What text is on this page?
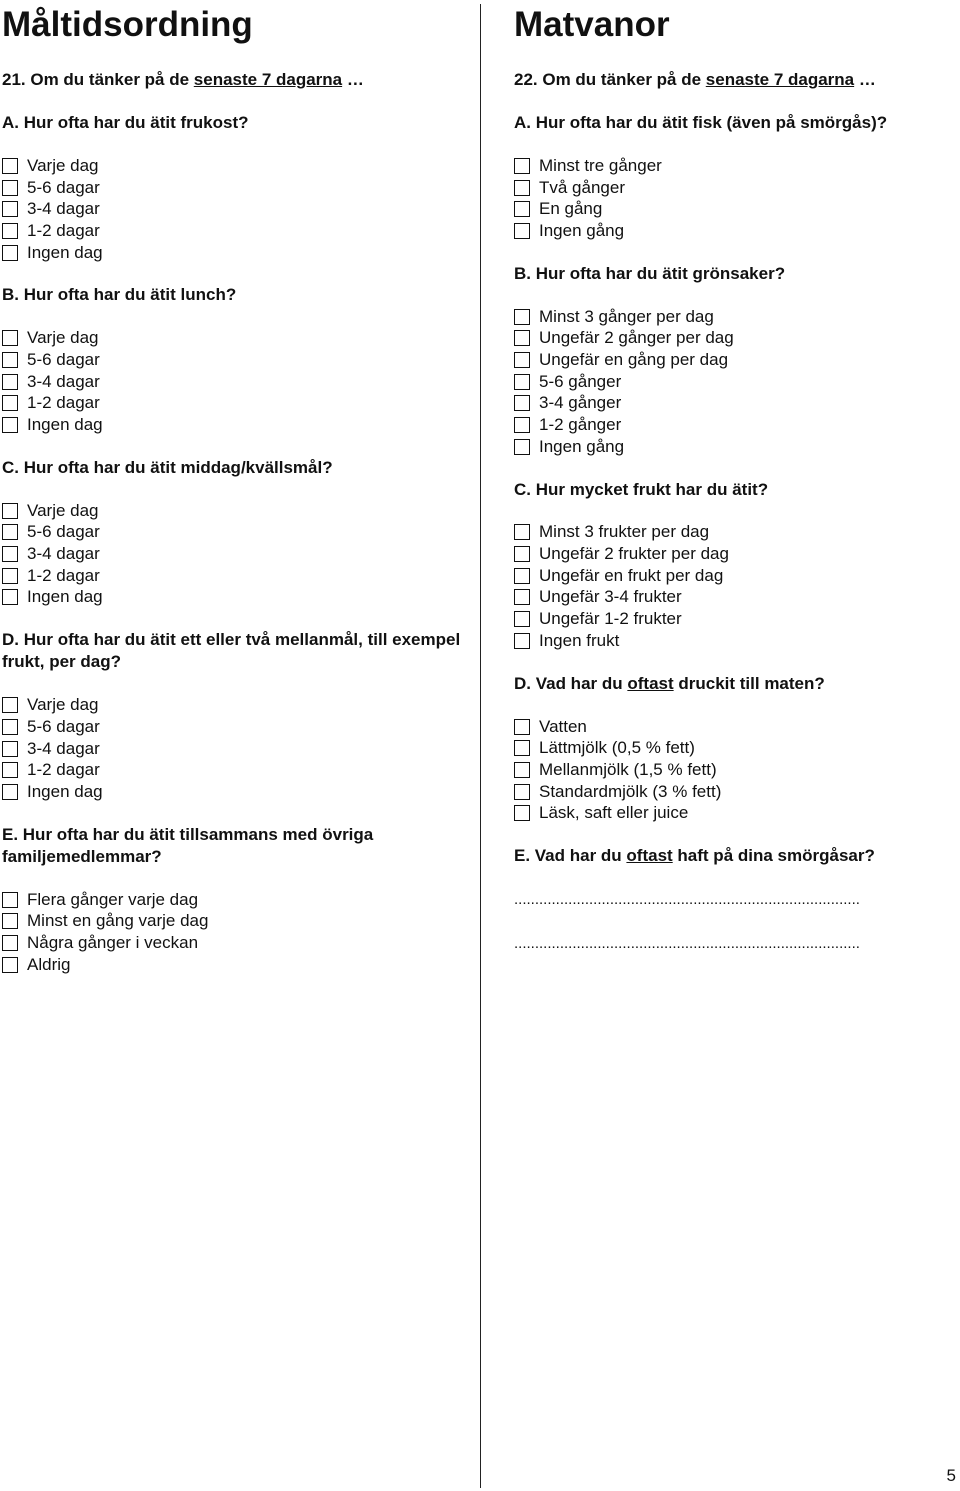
Måltidsordning
21. Om du tänker på de senaste 7 dagarna …
A. Hur ofta har du ätit frukost?
Varje dag
5-6 dagar
3-4 dagar
1-2 dagar
Ingen dag
B. Hur ofta har du ätit lunch?
Varje dag
5-6 dagar
3-4 dagar
1-2 dagar
Ingen dag
C. Hur ofta har du ätit middag/kvällsmål?
Varje dag
5-6 dagar
3-4 dagar
1-2 dagar
Ingen dag
D. Hur ofta har du ätit ett eller två mellanmål, till exempel frukt, per dag?
Varje dag
5-6 dagar
3-4 dagar
1-2 dagar
Ingen dag
E. Hur ofta har du ätit tillsammans med övriga familjemedlemmar?
Flera gånger varje dag
Minst en gång varje dag
Några gånger i veckan
Aldrig
Matvanor
22. Om du tänker på de senaste 7 dagarna …
A. Hur ofta har du ätit fisk (även på smörgås)?
Minst tre gånger
Två gånger
En gång
Ingen gång
B. Hur ofta har du ätit grönsaker?
Minst 3 gånger per dag
Ungefär 2 gånger per dag
Ungefär en gång per dag
5-6 gånger
3-4 gånger
1-2 gånger
Ingen gång
C. Hur mycket frukt har du ätit?
Minst 3 frukter per dag
Ungefär 2 frukter per dag
Ungefär en frukt per dag
Ungefär 3-4 frukter
Ungefär 1-2 frukter
Ingen frukt
D. Vad har du oftast druckit till maten?
Vatten
Lättmjölk (0,5 % fett)
Mellanmjölk (1,5 % fett)
Standardmjölk (3 % fett)
Läsk, saft eller juice
E. Vad har du oftast haft på dina smörgåsar?
...................................................................................
...................................................................................
5
